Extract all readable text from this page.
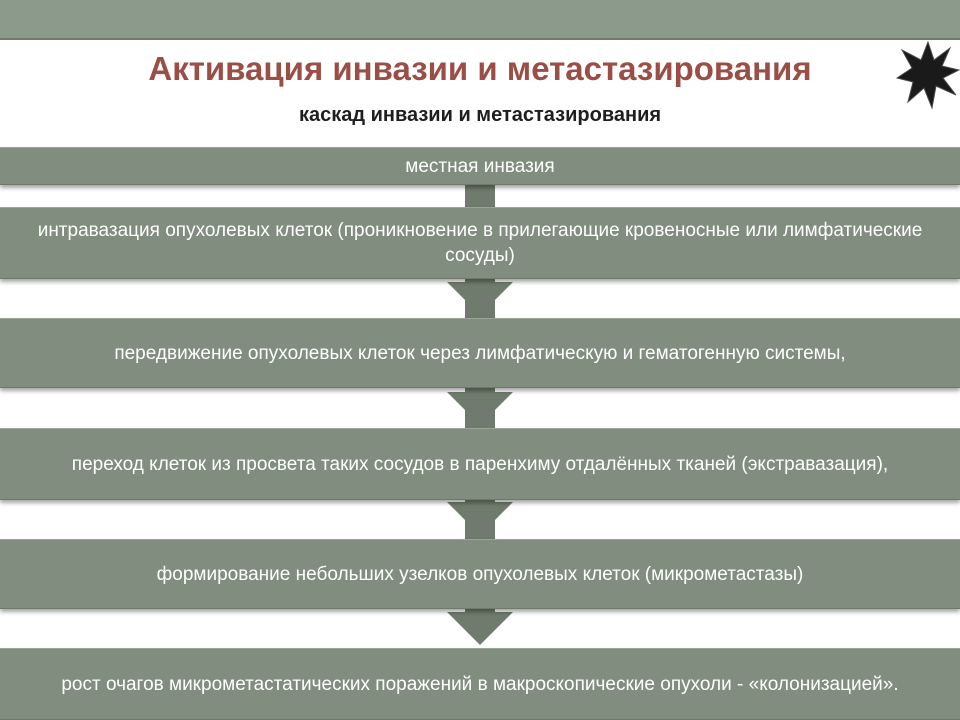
Активация инвазии и метастазирования
каскад инвазии и метастазирования
местная инвазия
интравазация опухолевых клеток (проникновение в прилегающие кровеносные или лимфатические сосуды)
передвижение опухолевых клеток через лимфатическую и гематогенную системы,
переход клеток из просвета таких сосудов в паренхиму отдалённых тканей (экстравазация),
формирование небольших узелков опухолевых клеток (микрометастазы)
рост очагов микрометастатических поражений в макроскопические опухоли - «колонизацией».
